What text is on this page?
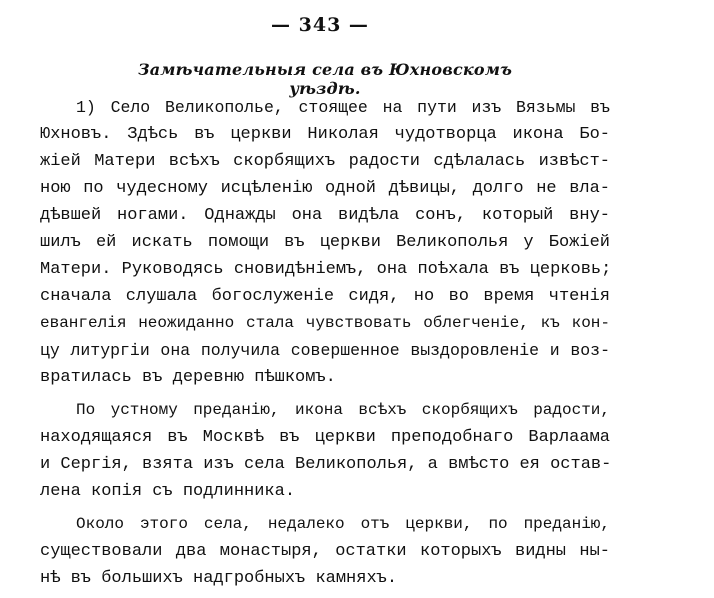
— 343 —
Замѣчательныя села въ Юхновскомъ уѣздѣ.
1) Село Великополье, стоящее на пути изъ Вязьмы въ
Юхновъ. Здѣсь въ церкви Николая чудотворца икона Бо-
жіей Матери всѣхъ скорбящихъ радости сдѣлалась извѣст-
ною по чудесному исцѣленію одной дѣвицы, долго не вла-
дѣвшей ногами. Однажды она видѣла сонъ, который вну-
шилъ ей искать помощи въ церкви Великополья у Божіей
Матери. Руководясь сновидѣніемъ, она поѣхала въ церковь;
сначала слушала богослуженіе сидя, но во время чтенія
евангелія неожиданно стала чувствовать облегченіе, къ кон-
цу литургіи она получила совершенное выздоровленіе и воз-
вратилась въ деревню пѣшкомъ.
По устному преданію, икона всѣхъ скорбящихъ радости,
находящаяся въ Москвѣ въ церкви преподобнаго Варлаама
и Сергія, взята изъ села Великополья, а вмѣсто ея остав-
лена копія съ подлинника.
Около этого села, недалеко отъ церкви, по преданію,
существовали два монастыря, остатки которыхъ видны ны-
нѣ въ большихъ надгробныхъ камняхъ.
